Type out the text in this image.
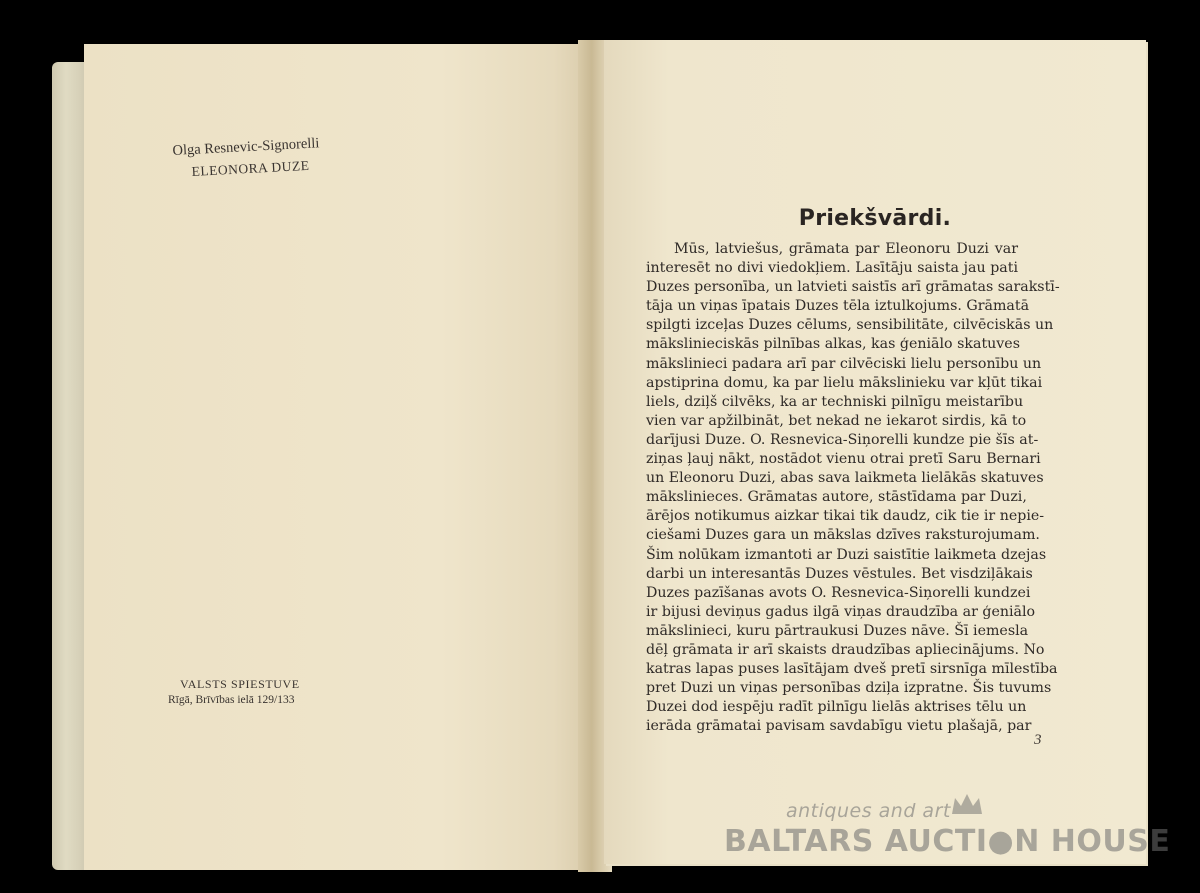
Olga Resnevic-Signorelli
ELEONORA DUZE
VALSTS SPIESTUVE
Rīgā, Brīvības ielā 129/133
Priekšvārdi.
Mūs, latviešus, grāmata par Eleonoru Duzi var
interesēt no divi viedokļiem. Lasītāju saista jau pati
Duzes personība, un latvieti saistīs arī grāmatas sarakstī-
tāja un viņas īpatais Duzes tēla iztulkojums. Grāmatā
spilgti izceļas Duzes cēlums, sensibilitāte, cilvēciskās un
mākslinieciskās pilnības alkas, kas ģeniālo skatuves
mākslinieci padara arī par cilvēciski lielu personību un
apstiprina domu, ka par lielu mākslinieku var kļūt tikai
liels, dziļš cilvēks, ka ar techniski pilnīgu meistarību
vien var apžilbināt, bet nekad ne iekarot sirdis, kā to
darījusi Duze. O. Resnevica-Siņorelli kundze pie šīs at-
ziņas ļauj nākt, nostādot vienu otrai pretī Saru Bernari
un Eleonoru Duzi, abas sava laikmeta lielākās skatuves
mākslinieces. Grāmatas autore, stāstīdama par Duzi,
ārējos notikumus aizkar tikai tik daudz, cik tie ir nepie-
ciešami Duzes gara un mākslas dzīves raksturojumam.
Šim nolūkam izmantoti ar Duzi saistītie laikmeta dzejas
darbi un interesantās Duzes vēstules. Bet visdziļākais
Duzes pazīšanas avots O. Resnevica-Siņorelli kundzei
ir bijusi deviņus gadus ilgā viņas draudzība ar ģeniālo
mākslinieci, kuru pārtraukusi Duzes nāve. Šī iemesla
dēļ grāmata ir arī skaists draudzības apliecinājums. No
katras lapas puses lasītājam dveš pretī sirsnīga mīlestība
pret Duzi un viņas personības dziļa izpratne. Šis tuvums
Duzei dod iespēju radīt pilnīgu lielās aktrises tēlu un
ierāda grāmatai pavisam savdabīgu vietu plašajā, par
3
antiques and art
BALTARS AUCTI●N HOUSE
